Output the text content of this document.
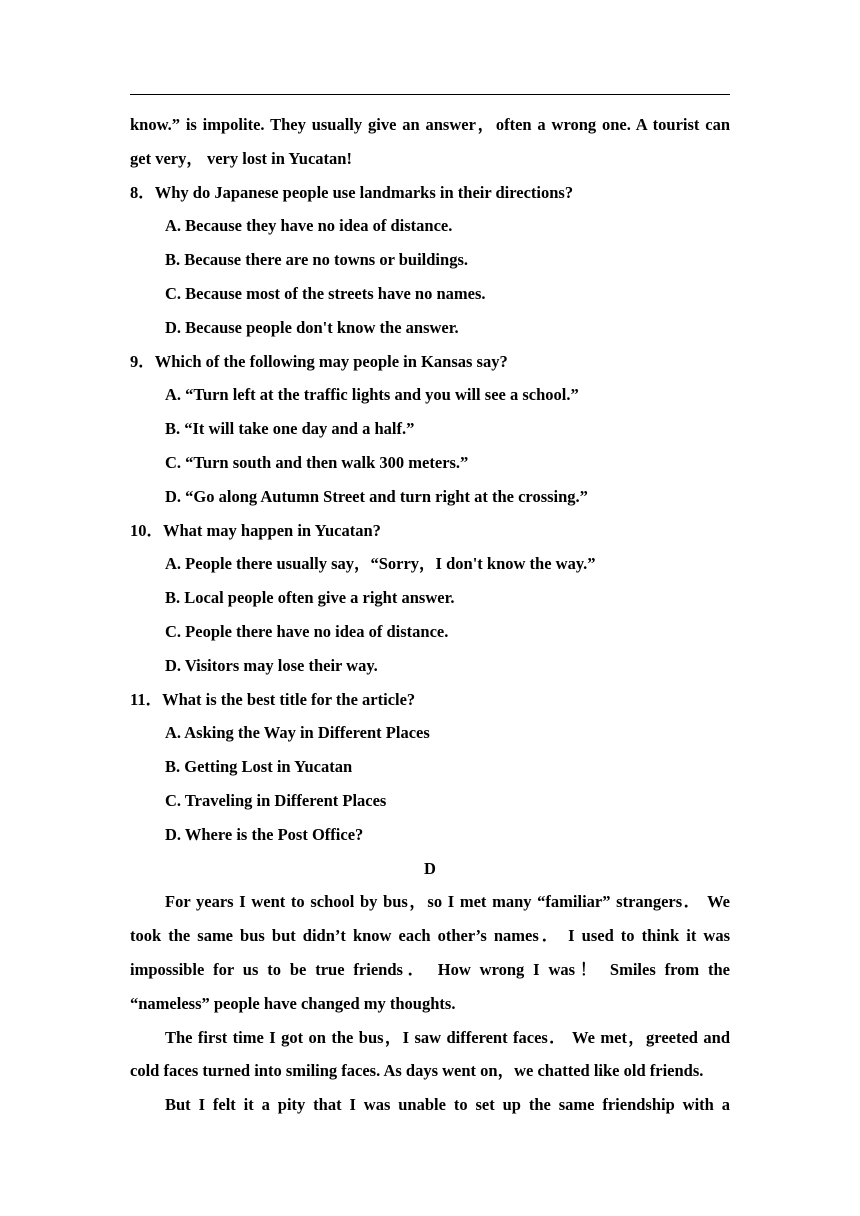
know.” is impolite. They usually give an answer，often a wrong one. A tourist can

get very， very lost in Yucatan!

8．Why do Japanese people use landmarks in their directions?

A. Because they have no idea of distance.

B. Because there are no towns or buildings.

C. Because most of the streets have no names.

D. Because people don't know the answer.

9．Which of the following may people in Kansas say?

A. “Turn left at the traffic lights and you will see a school.”

B. “It will take one day and a half.”

C. “Turn south and then walk 300 meters.”

D. “Go along Autumn Street and turn right at the crossing.”

10．What may happen in Yucatan?

A. People there usually say，“Sorry，I don't know the way.”

B. Local people often give a right answer.

C. People there have no idea of distance.

D. Visitors may lose their way.

11．What is the best title for the article?

A. Asking the Way in Different Places

B. Getting Lost in Yucatan

C. Traveling in Different Places

D. Where is the Post Office?

D

For years I went to school by bus，so I met many “familiar” strangers． We

took the same bus but didn’t know each other’s names． I used to think it was

impossible for us to be true friends． How wrong I was！ Smiles from the

“nameless” people have changed my thoughts.

The first time I got on the bus，I saw different faces． We met，greeted and

cold faces turned into smiling faces. As days went on，we chatted like old friends.

But I felt it a pity that I was unable to set up the same friendship with a
